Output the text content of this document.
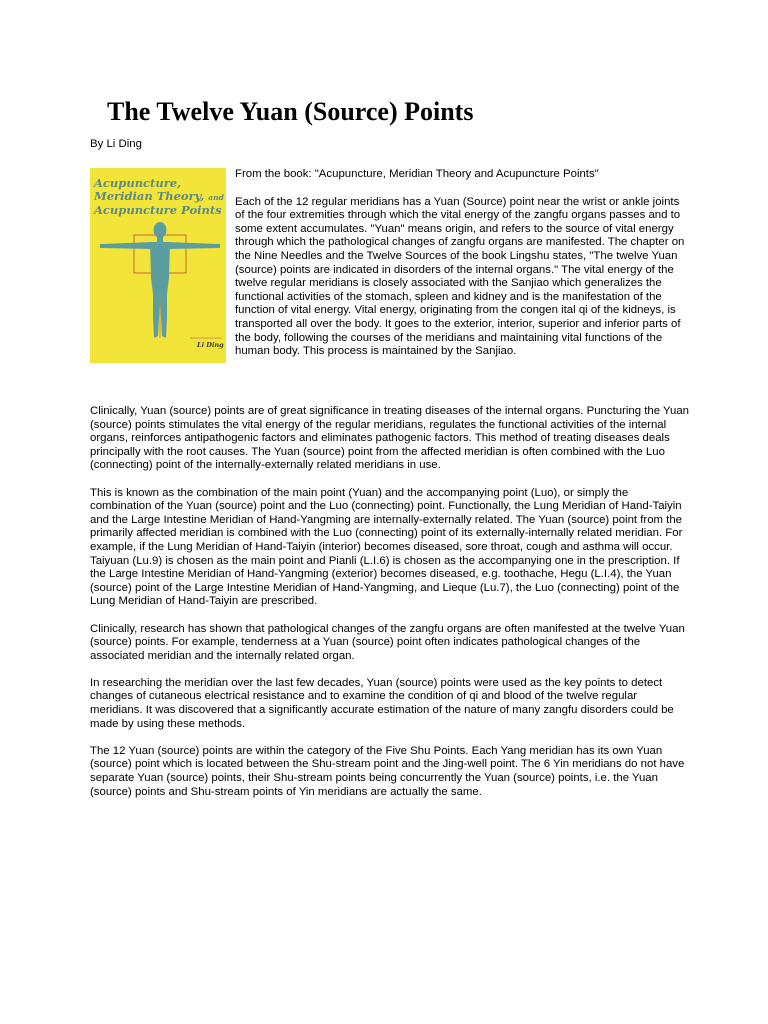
The Twelve Yuan (Source) Points
By Li Ding
Acupuncture,
Meridian Theory, and
Acupuncture Points
Li Ding
From the book: "Acupuncture, Meridian Theory and Acupuncture Points"
Each of the 12 regular meridians has a Yuan (Source) point near the wrist or ankle joints of the four extremities through which the vital energy of the zangfu organs passes and to some extent accumulates. "Yuan" means origin, and refers to the source of vital energy through which the pathological changes of zangfu organs are manifested. The chapter on the Nine Needles and the Twelve Sources of the book Lingshu states, "The twelve Yuan (source) points are indicated in disorders of the internal organs." The vital energy of the twelve regular meridians is closely associated with the Sanjiao which generalizes the functional activities of the stomach, spleen and kidney and is the manifestation of the function of vital energy. Vital energy, originating from the congen ital qi of the kidneys, is transported all over the body. It goes to the exterior, interior, superior and inferior parts of the body, following the courses of the meridians and maintaining vital functions of the human body. This process is maintained by the Sanjiao.
Clinically, Yuan (source) points are of great significance in treating diseases of the internal organs. Puncturing the Yuan (source) points stimulates the vital energy of the regular meridians, regulates the functional activities of the internal organs, reinforces antipathogenic factors and eliminates pathogenic factors. This method of treating diseases deals principally with the root causes. The Yuan (source) point from the affected meridian is often combined with the Luo (connecting) point of the internally-externally related meridians in use.
This is known as the combination of the main point (Yuan) and the accompanying point (Luo), or simply the combination of the Yuan (source) point and the Luo (connecting) point. Functionally, the Lung Meridian of Hand-Taiyin and the Large Intestine Meridian of Hand-Yangming are internally-externally related. The Yuan (source) point from the primarily affected meridian is combined with the Luo (connecting) point of its externally-internally related meridian. For example, if the Lung Meridian of Hand-Taiyin (interior) becomes diseased, sore throat, cough and asthma will occur. Taiyuan (Lu.9) is chosen as the main point and Pianli (L.I.6) is chosen as the accompanying one in the prescription. If the Large Intestine Meridian of Hand-Yangming (exterior) becomes diseased, e.g. toothache, Hegu (L.I.4), the Yuan (source) point of the Large Intestine Meridian of Hand-Yangming, and Lieque (Lu.7), the Luo (connecting) point of the Lung Meridian of Hand-Taiyin are prescribed.
Clinically, research has shown that pathological changes of the zangfu organs are often manifested at the twelve Yuan (source) points. For example, tenderness at a Yuan (source) point often indicates pathological changes of the associated meridian and the internally related organ.
In researching the meridian over the last few decades, Yuan (source) points were used as the key points to detect changes of cutaneous electrical resistance and to examine the condition of qi and blood of the twelve regular meridians. It was discovered that a significantly accurate estimation of the nature of many zangfu disorders could be made by using these methods.
The 12 Yuan (source) points are within the category of the Five Shu Points. Each Yang meridian has its own Yuan (source) point which is located between the Shu-stream point and the Jing-well point. The 6 Yin meridians do not have separate Yuan (source) points, their Shu-stream points being concurrently the Yuan (source) points, i.e. the Yuan (source) points and Shu-stream points of Yin meridians are actually the same.
